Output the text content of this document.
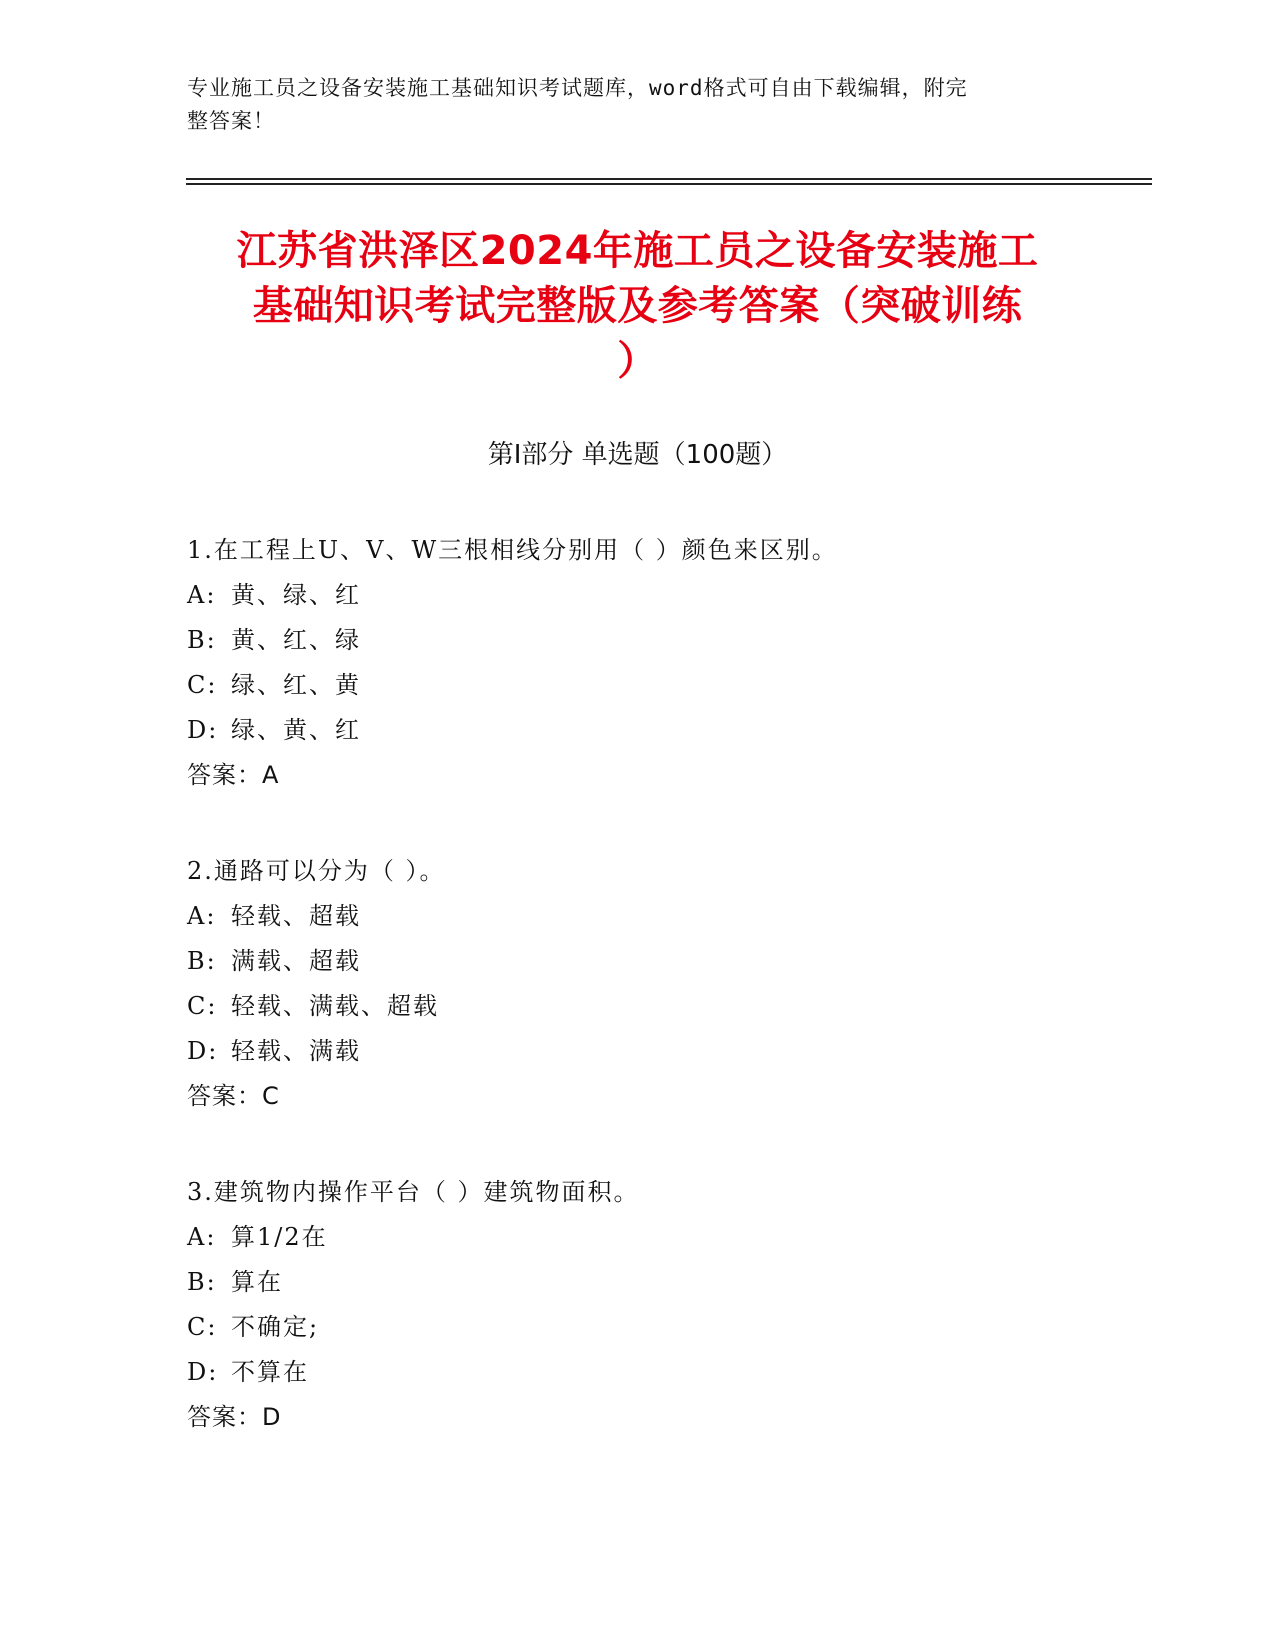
专业施工员之设备安装施工基础知识考试题库，word格式可自由下载编辑，附完
整答案！
江苏省洪泽区2024年施工员之设备安装施工
基础知识考试完整版及参考答案（突破训练
）
第Ⅰ部分 单选题（100题）
1.在工程上U、V、W三根相线分别用（ ）颜色来区别。
A: 黄、绿、红
B: 黄、红、绿
C: 绿、红、黄
D: 绿、黄、红
答案：A
2.通路可以分为（ ）。
A: 轻载、超载
B: 满载、超载
C: 轻载、满载、超载
D: 轻载、满载
答案：C
3.建筑物内操作平台（ ）建筑物面积。
A: 算1/2在
B: 算在
C: 不确定;
D: 不算在
答案：D
